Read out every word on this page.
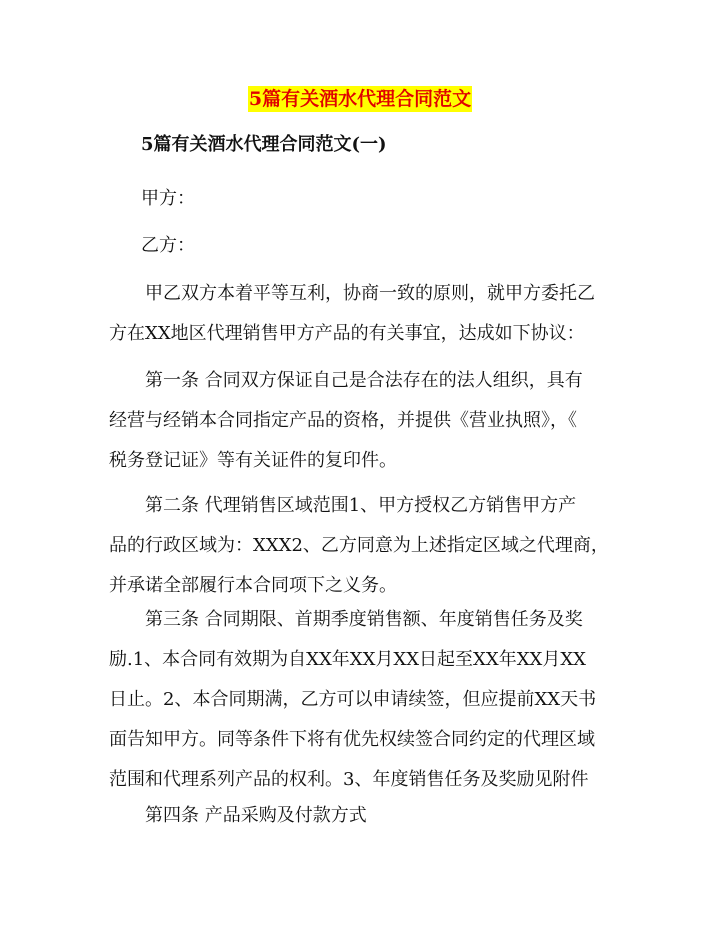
5篇有关酒水代理合同范文
5篇有关酒水代理合同范文(一)
甲方：
乙方：

甲乙双方本着平等互利，协商一致的原则，就甲方委托乙
方在XX地区代理销售甲方产品的有关事宜，达成如下协议：

第一条 合同双方保证自己是合法存在的法人组织，具有
经营与经销本合同指定产品的资格，并提供《营业执照》，《
税务登记证》等有关证件的复印件。

第二条 代理销售区域范围1、甲方授权乙方销售甲方产
品的行政区域为：XXX2、乙方同意为上述指定区域之代理商，
并承诺全部履行本合同项下之义务。

第三条 合同期限、首期季度销售额、年度销售任务及奖
励.1、本合同有效期为自XX年XX月XX日起至XX年XX月XX
日止。2、本合同期满，乙方可以申请续签，但应提前XX天书
面告知甲方。同等条件下将有优先权续签合同约定的代理区域
范围和代理系列产品的权利。3、年度销售任务及奖励见附件

第四条 产品采购及付款方式
